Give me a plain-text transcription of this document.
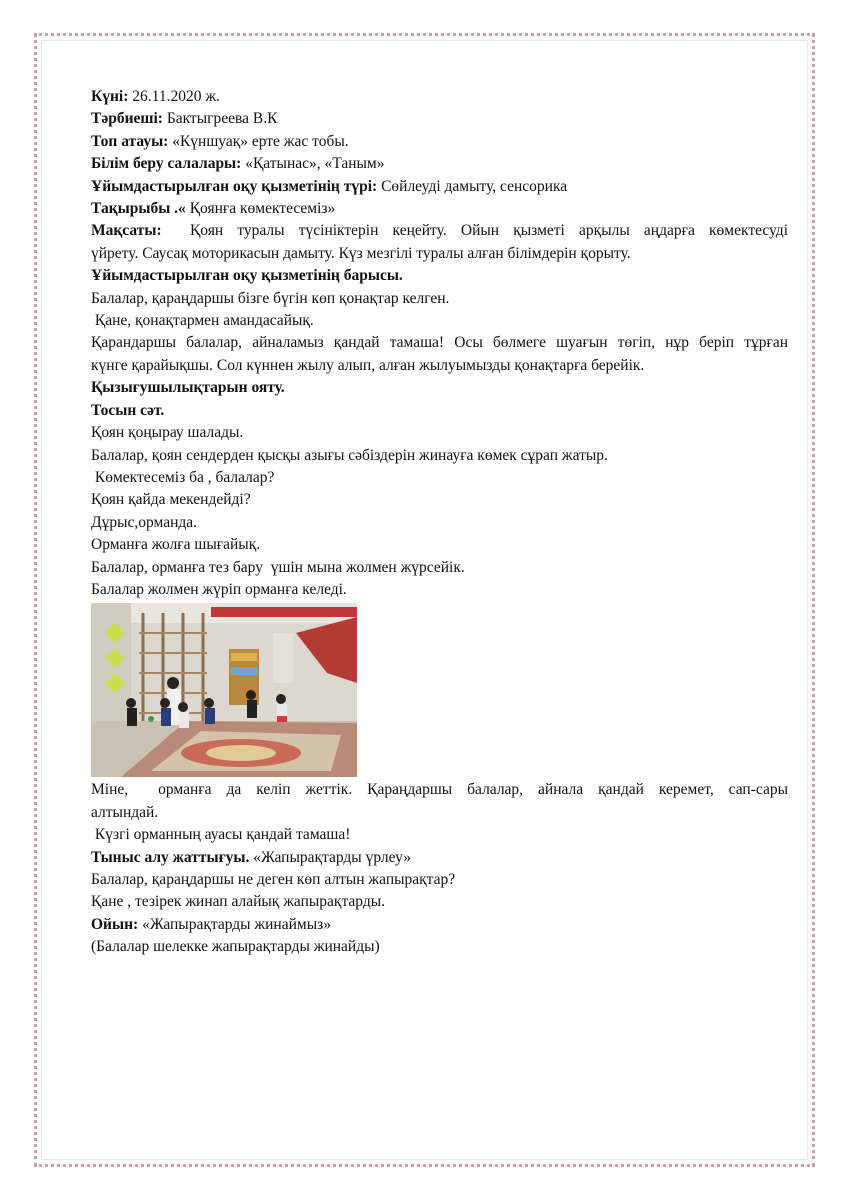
Күні: 26.11.2020 ж.
Тәрбиеші: Бактыгреева В.К
Топ атауы: «Күншуақ» ерте жас тобы.
Білім беру салалары: «Қатынас», «Таным»
Ұйымдастырылған оқу қызметінің түрі: Сөйлеуді дамыту, сенсорика
Тақырыбы .« Қоянға көмектесеміз»
Мақсаты: Қоян туралы түсініктерін кеңейту. Ойын қызметі арқылы аңдарға көмектесуді
үйрету. Саусақ моторикасын дамыту. Күз мезгілі туралы алған білімдерін қорыту.
Ұйымдастырылған оқу қызметінің барысы.
Балалар, қараңдаршы бізге бүгін көп қонақтар келген.
Қане, қонақтармен амандасайық.
Қарандаршы балалар, айналамыз қандай тамаша! Осы бөлмеге шуағын төгіп, нұр беріп тұрған
күнге қарайықшы. Сол күннен жылу алып, алған жылуымызды қонақтарға берейік.
Қызығушылықтарын ояту.
Тосын сәт.
Қоян қоңырау шалады.
Балалар, қоян сендерден қысқы азығы сәбіздерін жинауға көмек сұрап жатыр.
Көмектесеміз ба , балалар?
Қоян қайда мекендейді?
Дұрыс,орманда.
Орманға жолға шығайық.
Балалар, орманға тез бару  үшін мына жолмен жүрсейік.
Балалар жолмен жүріп орманға келеді.
Міне,  орманға да келіп жеттік. Қараңдаршы балалар, айнала қандай керемет, сап-сары
алтындай.
Күзгі орманның ауасы қандай тамаша!
Тыныс алу жаттығуы. «Жапырақтарды үрлеу»
Балалар, қараңдаршы не деген көп алтын жапырақтар?
Қане , тезірек жинап алайық жапырақтарды.
Ойын: «Жапырақтарды жинаймыз»
(Балалар шелекке жапырақтарды жинайды)
